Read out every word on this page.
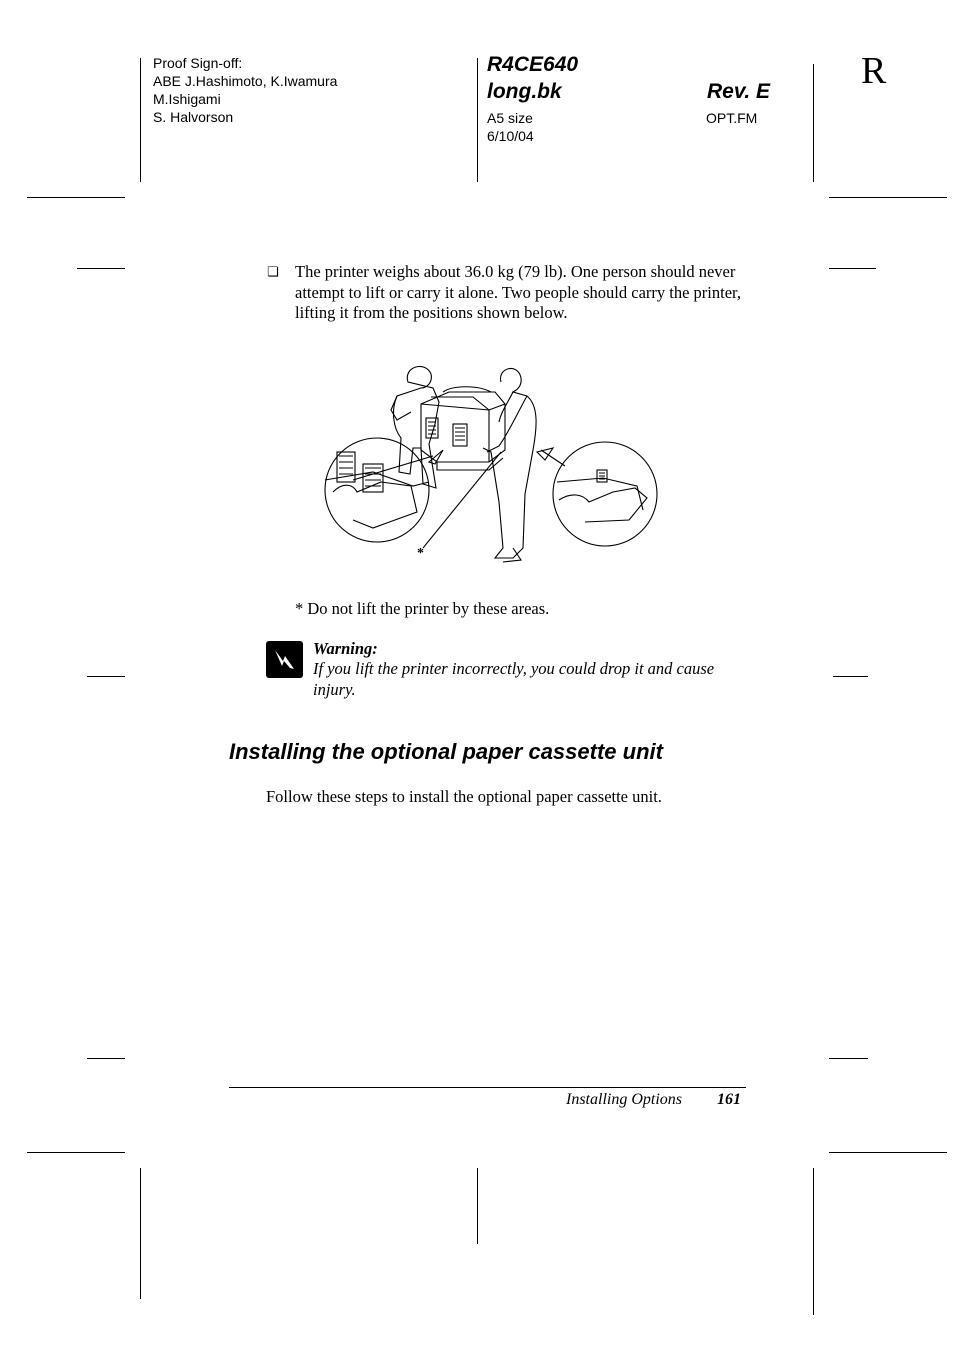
Proof Sign-off:
ABE J.Hashimoto, K.Iwamura
M.Ishigami
S. Halvorson
R4CE640
long.bk	Rev. E
A5 size
6/10/04
OPT.FM
R
❏ The printer weighs about 36.0 kg (79 lb). One person should never attempt to lift or carry it alone. Two people should carry the printer, lifting it from the positions shown below.
*
* Do not lift the printer by these areas.
Warning:
If you lift the printer incorrectly, you could drop it and cause injury.
Installing the optional paper cassette unit
Follow these steps to install the optional paper cassette unit.
Installing Options 161
